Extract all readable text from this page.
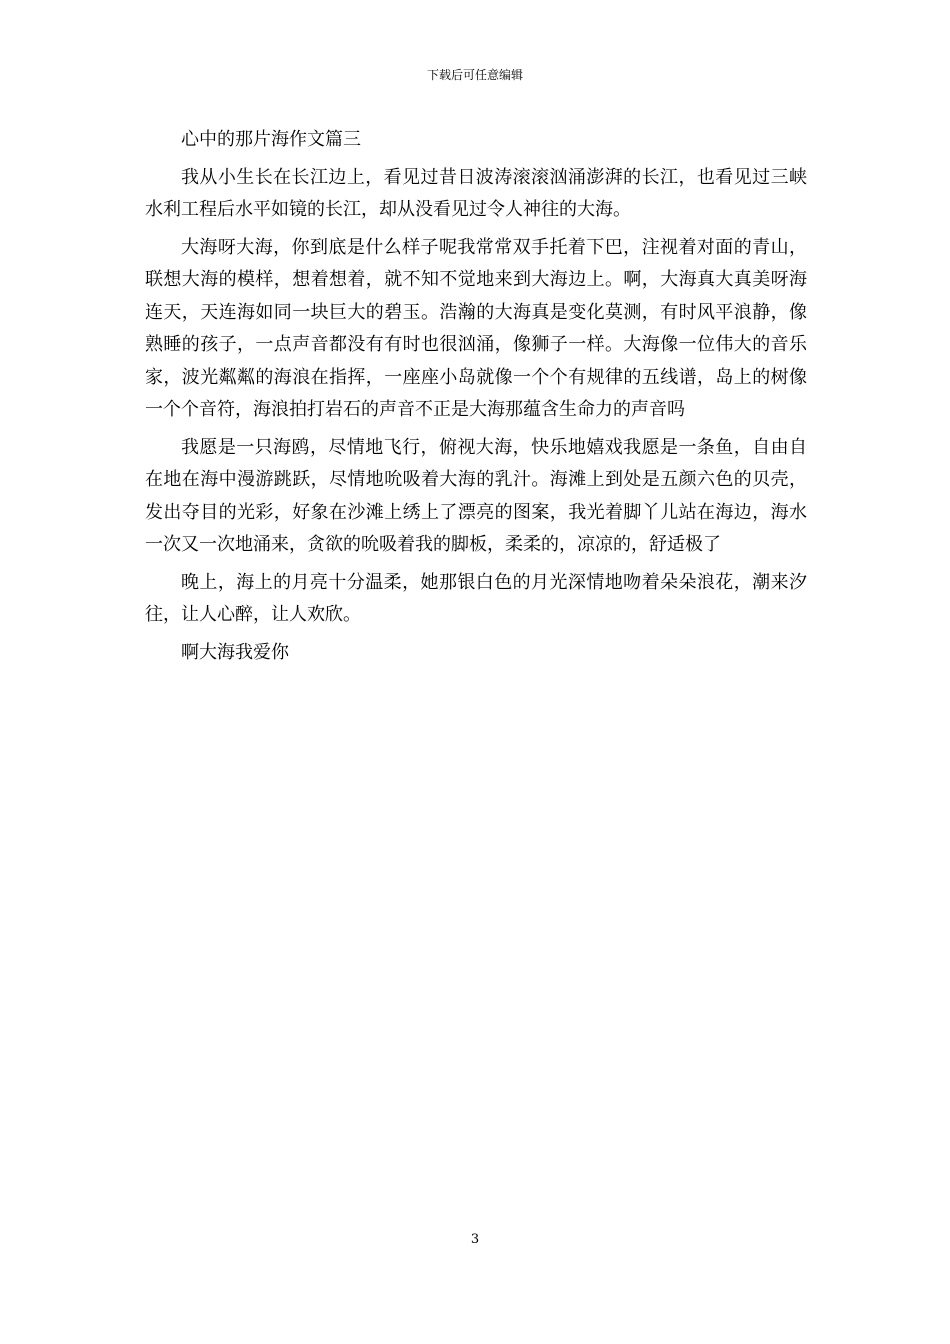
下载后可任意编辑

心中的那片海作文篇三

我从小生长在长江边上，看见过昔日波涛滚滚汹涌澎湃的长江，也看见过三峡水利工程后水平如镜的长江，却从没看见过令人神往的大海。

大海呀大海，你到底是什么样子呢我常常双手托着下巴，注视着对面的青山，联想大海的模样，想着想着，就不知不觉地来到大海边上。啊，大海真大真美呀海连天，天连海如同一块巨大的碧玉。浩瀚的大海真是变化莫测，有时风平浪静，像熟睡的孩子，一点声音都没有有时也很汹涌，像狮子一样。大海像一位伟大的音乐家，波光粼粼的海浪在指挥，一座座小岛就像一个个有规律的五线谱，岛上的树像一个个音符，海浪拍打岩石的声音不正是大海那蕴含生命力的声音吗

我愿是一只海鸥，尽情地飞行，俯视大海，快乐地嬉戏我愿是一条鱼，自由自在地在海中漫游跳跃，尽情地吮吸着大海的乳汁。海滩上到处是五颜六色的贝壳，发出夺目的光彩，好象在沙滩上绣上了漂亮的图案，我光着脚丫儿站在海边，海水一次又一次地涌来，贪欲的吮吸着我的脚板，柔柔的，凉凉的，舒适极了

晚上，海上的月亮十分温柔，她那银白色的月光深情地吻着朵朵浪花，潮来汐往，让人心醉，让人欢欣。

啊大海我爱你

3
